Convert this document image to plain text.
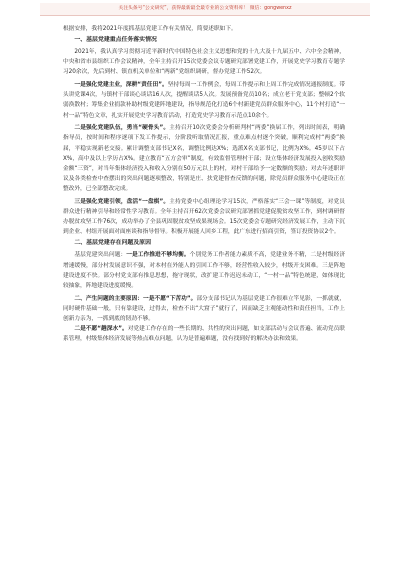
关注头条号“公文研究”，获得最新最全最专业的公文资料库！ 微信：gongwenxz

根据安排，我将2021年度抓基层党建工作有关情况，简要述职如下。

一、基层党建重点任务落实情况

2021年，我认真学习贯彻习近平新时代中国特色社会主义思想和党的十九大及十九届五中、六中全会精神，中央和省市县组织工作会议精神，全年主持召开15次党委会议专题研究部署党建工作，开展党史学习教育专题学习20余次，先后到村、镇直机关单位和“两新”党组织调研，督办党建工作52次。

一是强化党建主业，深耕“责任田”。坚持每周一工作例会，每周工作提示和上周工作完成情况通报制度。带头讲党课4次，与镇村干部谈心谈话16人次，提醒谈话5人次。发展预备党员10名；成立老干党支部；整顿2个软弱涣散村；筹集企业捐款补助村级党建阵地建设，指导规范化打造6个村新建党员群众服务中心，11个村打造“一村一品”特色文章，扎实开展党史学习教育活动，打造党史学习教育示范点10余个。

二是强化党建队伍，勇当“硬骨头”。主持召开10次党委会分析研判村“两委”换届工作，列出时间表，明确指导员，按时间和程序逐项下发工作提示，分阶段听取情况汇报，重点难点村逐个突破，顺利完成村“两委”换届，平稳实现新老交接。累计调整支部书记X名，调整比例达X%；选派X名支部书记，比例为X%。45岁以下占X%，高中及以上学历占X%。建立教育“五方会审”制度，有效监督管理村干部；设立集体经济发展投入创收奖励金额“三资”，对当年集体经济投入和收入分别在50万元以上的村，对村干部给予一定数额的奖励；对去年述职评议及各类检查中查摆出的突出问题逐项整改，特别是庄、扶党建督查反馈的问题，除党员群众服务中心建设正在整改外，已全部整改完成。

三是强化党建引领，盘活“一盘棋”。主持党委中心组理论学习15次，严格落实“三会一课”等制度，对党员群众进行精神引导和经常性学习教育。全年主持召开62次党委会议研究部署抓党建促脱贫攻坚工作，到村调研督办脱贫攻坚工作76次，成功举办了全县巩固脱贫攻坚成果现场会。15次党委会专题研究经济发展工作，主动下沉到企业、村组开展面对面座谈和指导督导。积极开展能人回乡工程，此广东进行招商引资，签订投资协议2个。

二、基层党建存在问题及原因

基层党建突出问题：一是工作推进不够均衡。个别党务工作者能力素质不高，党建业务不精，二是村级经济增速缓慢，部分村发展意识不强，对本村在外能人的引回工作不够，经营性收入较少，村级开支困难。三是阵地建设进度不快。部分村党支部有推息思想，拖守现状，改扩建工作迟迟未动工，“一村一品”特色统建，如体现比较抽象，阵地建设进度缓慢。

二、产生问题的主要原因：一是不愿“下苦功”。部分支部书记认为基层党建工作很难立竿见影，一抓就就，同时硬件基础一般，只有靠建设，过得去，检查不出“大窟子”就行了，因而缺乏主观能动性和责任担当，工作上创新力亲为，一抓到底的韧劲不够。

二是不愿“趟深水”。对党建工作存在的一些长期的、共性的突出问题，如支部活动与会议普遍、流动党员联系管理，村级集体经济发展等热点难点问题，认为是普遍难题，没有找到好的解决办法和效果。
